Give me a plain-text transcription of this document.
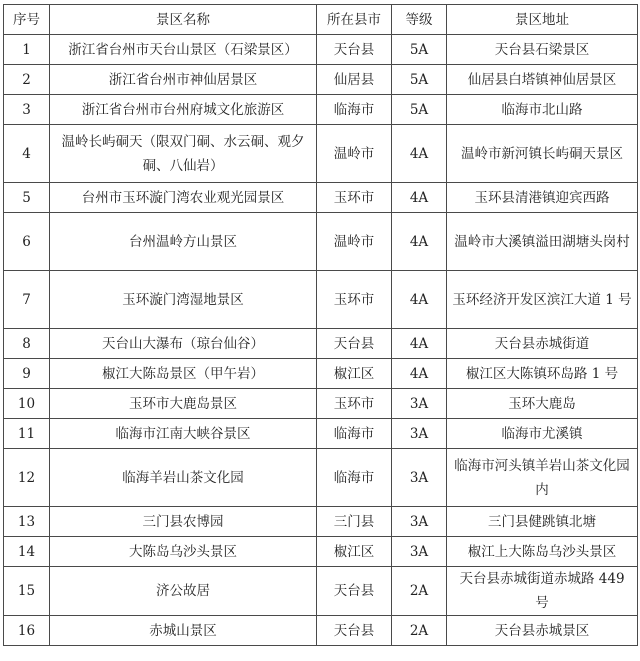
序号	景区名称	所在县市	等级	景区地址
1	浙江省台州市天台山景区（石梁景区）	天台县	5A	天台县石梁景区
2	浙江省台州市神仙居景区	仙居县	5A	仙居县白塔镇神仙居景区
3	浙江省台州市台州府城文化旅游区	临海市	5A	临海市北山路
4	温岭长屿硐天（限双门硐、水云硐、观夕硐、八仙岩）	温岭市	4A	温岭市新河镇长屿硐天景区
5	台州市玉环漩门湾农业观光园景区	玉环市	4A	玉环县清港镇迎宾西路
6	台州温岭方山景区	温岭市	4A	温岭市大溪镇溢田湖塘头岗村
7	玉环漩门湾湿地景区	玉环市	4A	玉环经济开发区滨江大道 1 号
8	天台山大瀑布（琼台仙谷）	天台县	4A	天台县赤城街道
9	椒江大陈岛景区（甲午岩）	椒江区	4A	椒江区大陈镇环岛路 1 号
10	玉环市大鹿岛景区	玉环市	3A	玉环大鹿岛
11	临海市江南大峡谷景区	临海市	3A	临海市尤溪镇
12	临海羊岩山茶文化园	临海市	3A	临海市河头镇羊岩山茶文化园内
13	三门县农博园	三门县	3A	三门县健跳镇北塘
14	大陈岛乌沙头景区	椒江区	3A	椒江上大陈岛乌沙头景区
15	济公故居	天台县	2A	天台县赤城街道赤城路 449 号
16	赤城山景区	天台县	2A	天台县赤城景区
